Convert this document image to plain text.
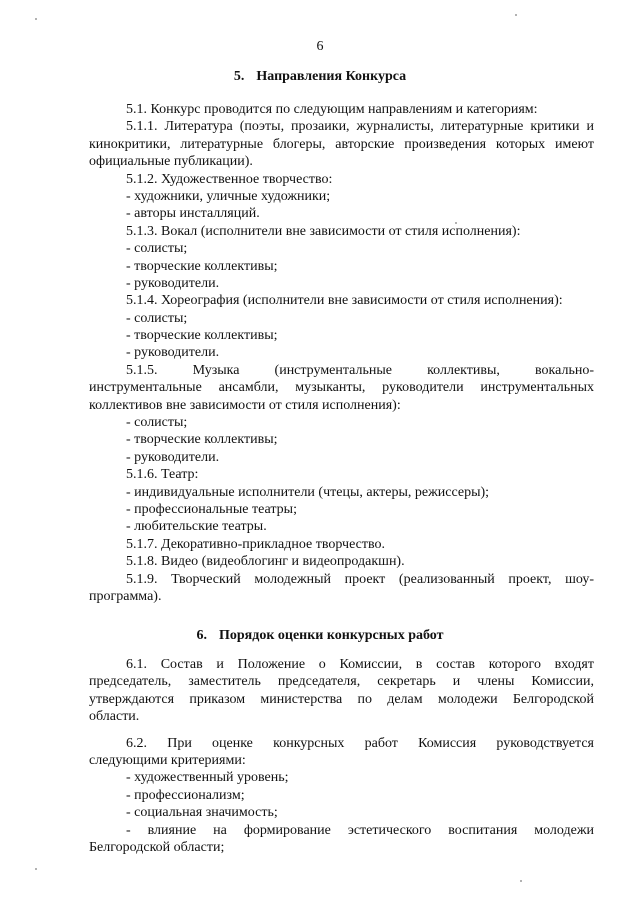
6
5. Направления Конкурса
5.1. Конкурс проводится по следующим направлениям и категориям:
5.1.1. Литература (поэты, прозаики, журналисты, литературные критики и
кинокритики, литературные блогеры, авторские произведения которых имеют
официальные публикации).
5.1.2. Художественное творчество:
- художники, уличные художники;
- авторы инсталляций.
5.1.3. Вокал (исполнители вне зависимости от стиля исполнения):
- солисты;
- творческие коллективы;
- руководители.
5.1.4. Хореография (исполнители вне зависимости от стиля исполнения):
- солисты;
- творческие коллективы;
- руководители.
5.1.5. Музыка (инструментальные коллективы, вокально-
инструментальные ансамбли, музыканты, руководители инструментальных
коллективов вне зависимости от стиля исполнения):
- солисты;
- творческие коллективы;
- руководители.
5.1.6. Театр:
- индивидуальные исполнители (чтецы, актеры, режиссеры);
- профессиональные театры;
- любительские театры.
5.1.7. Декоративно-прикладное творчество.
5.1.8. Видео (видеоблогинг и видеопродакшн).
5.1.9. Творческий молодежный проект (реализованный проект, шоу-
программа).
6. Порядок оценки конкурсных работ
6.1. Состав и Положение о Комиссии, в состав которого входят
председатель, заместитель председателя, секретарь и члены Комиссии,
утверждаются приказом министерства по делам молодежи Белгородской
области.
6.2. При оценке конкурсных работ Комиссия руководствуется
следующими критериями:
- художественный уровень;
- профессионализм;
- социальная значимость;
- влияние на формирование эстетического воспитания молодежи
Белгородской области;
